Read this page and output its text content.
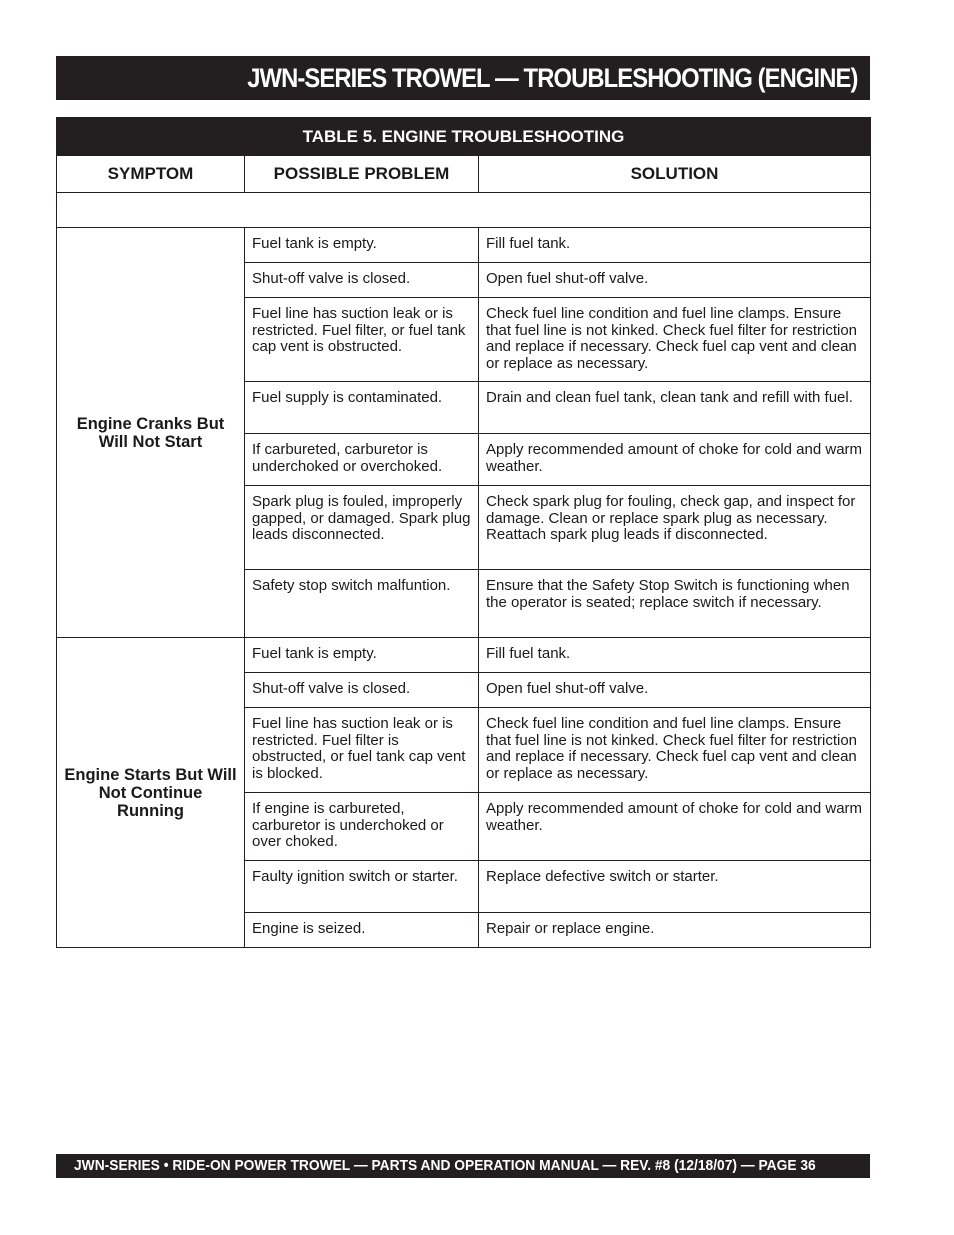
JWN-SERIES TROWEL — TROUBLESHOOTING (ENGINE)
TABLE 5. ENGINE TROUBLESHOOTING		
SYMPTOM	POSSIBLE PROBLEM	SOLUTION

Engine Cranks But Will Not Start	Fuel tank is empty.	Fill fuel tank.
	Shut-off valve is closed.	Open fuel shut-off valve.
	Fuel line has suction leak or is restricted. Fuel filter, or fuel tank cap vent is obstructed.	Check fuel line condition and fuel line clamps. Ensure that fuel line is not kinked. Check fuel filter for restriction and replace if necessary. Check fuel cap vent and clean or replace as necessary.
	Fuel supply is contaminated.	Drain and clean fuel tank, clean tank and refill with fuel.
	If carbureted, carburetor is underchoked or overchoked.	Apply recommended amount of choke for cold and warm weather.
	Spark plug is fouled, improperly gapped, or damaged. Spark plug leads disconnected.	Check spark plug for fouling, check gap, and inspect for damage. Clean or replace spark plug as necessary. Reattach spark plug leads if disconnected.
	Safety stop switch malfuntion.	Ensure that the Safety Stop Switch is functioning when the operator is seated; replace switch if necessary.
Engine Starts But Will Not Continue Running	Fuel tank is empty.	Fill fuel tank.
	Shut-off valve is closed.	Open fuel shut-off valve.
	Fuel line has suction leak or is restricted. Fuel filter is obstructed, or fuel tank cap vent is blocked.	Check fuel line condition and fuel line clamps. Ensure that fuel line is not kinked. Check fuel filter for restriction and replace if necessary. Check fuel cap vent and clean or replace as necessary.
	If engine is carbureted, carburetor is underchoked or over choked.	Apply recommended amount of choke for cold and warm weather.
	Faulty ignition switch or starter.	Replace defective switch or starter.
	Engine is seized.	Repair or replace engine.
JWN-SERIES • RIDE-ON POWER TROWEL — PARTS AND OPERATION MANUAL — REV. #8 (12/18/07) — PAGE 36
